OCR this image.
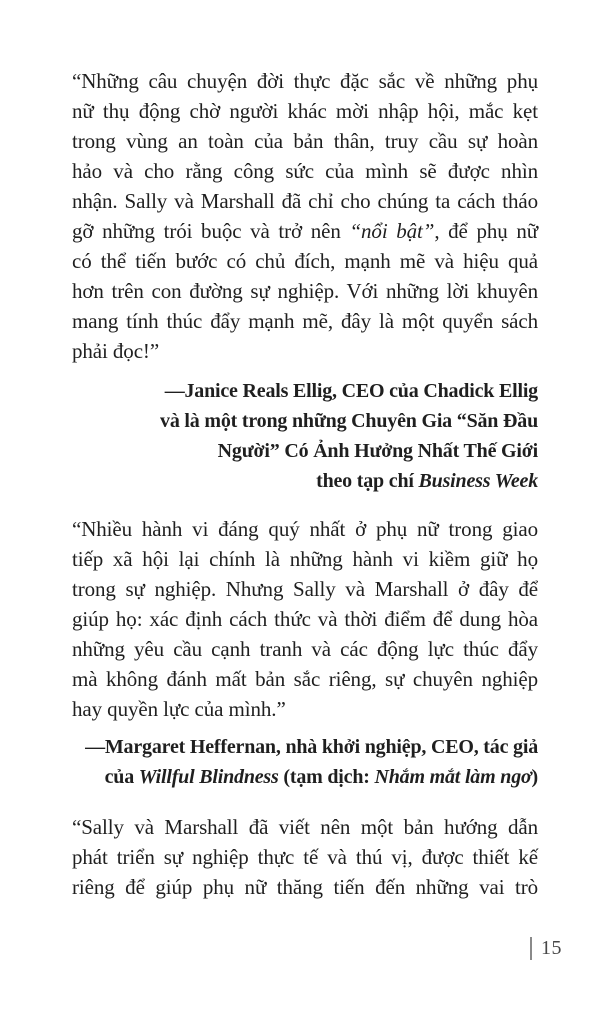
“Những câu chuyện đời thực đặc sắc về những phụ
nữ thụ động chờ người khác mời nhập hội, mắc kẹt
trong vùng an toàn của bản thân, truy cầu sự hoàn
hảo và cho rằng công sức của mình sẽ được nhìn
nhận. Sally và Marshall đã chỉ cho chúng ta cách tháo
gỡ những trói buộc và trở nên “nổi bật”, để phụ nữ
có thể tiến bước có chủ đích, mạnh mẽ và hiệu quả
hơn trên con đường sự nghiệp. Với những lời khuyên
mang tính thúc đẩy mạnh mẽ, đây là một quyển sách
phải đọc!”
—Janice Reals Ellig, CEO của Chadick Ellig
và là một trong những Chuyên Gia “Săn Đầu
Người” Có Ảnh Hưởng Nhất Thế Giới
theo tạp chí Business Week
“Nhiều hành vi đáng quý nhất ở phụ nữ trong giao
tiếp xã hội lại chính là những hành vi kiềm giữ họ
trong sự nghiệp. Nhưng Sally và Marshall ở đây để
giúp họ: xác định cách thức và thời điểm để dung hòa
những yêu cầu cạnh tranh và các động lực thúc đẩy
mà không đánh mất bản sắc riêng, sự chuyên nghiệp
hay quyền lực của mình.”
—Margaret Heffernan, nhà khởi nghiệp, CEO, tác giả
của Willful Blindness (tạm dịch: Nhắm mắt làm ngơ)
“Sally và Marshall đã viết nên một bản hướng dẫn
phát triển sự nghiệp thực tế và thú vị, được thiết kế
riêng để giúp phụ nữ thăng tiến đến những vai trò
15
